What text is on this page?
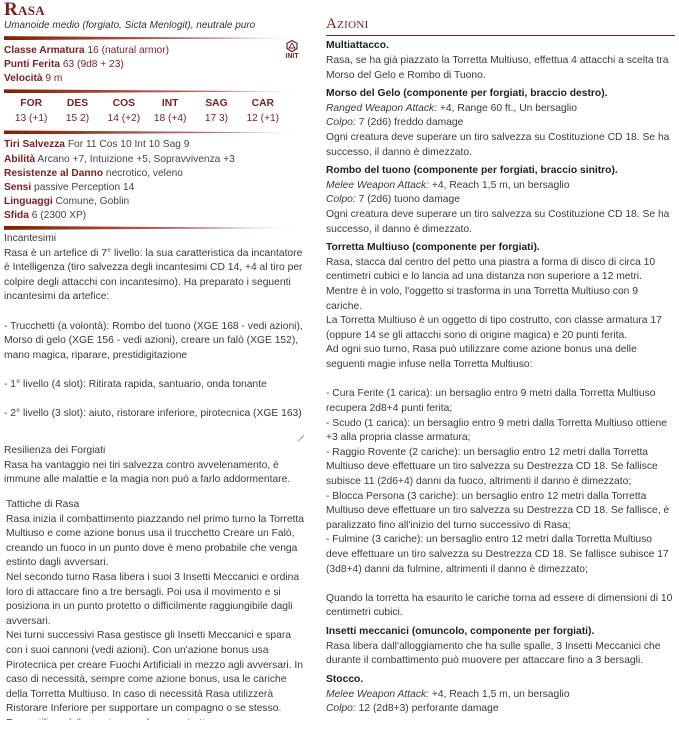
Rasa
Umanoide medio (forgiato, Sicta Menlogit), neutrale puro
Classe Armatura 16 (natural armor)
Punti Ferita 63 (9d8 + 23)
Velocità 9 m
FOR
13 (+1)
DES
15 2)
COS
14 (+2)
INT
18 (+4)
SAG
17 3)
CAR
12 (+1)
Tiri Salvezza For 11 Cos 10 Int 10 Sag 9
Abilità Arcano +7, Intuizione +5, Sopravvivenza +3
Resistenze al Danno necrotico, veleno
Sensi passive Perception 14
Linguaggi Comune, Goblin
Sfida 6 (2300 XP)
Incantesimi Rasa è un artefice di 7° livello: la sua caratteristica da incantatore è Intelligenza (tiro salvezza degli incantesimi CD 14, +4 al tiro per colpire degli attacchi con incantesimo). Ha preparato i seguenti incantesimi da artefice: - Trucchetti (a volontà): Rombo del tuono (XGE 168 - vedi azioni), Morso di gelo (XGE 156 - vedi azioni), creare un falò (XGE 152), mano magica, riparare, prestidigitazione - 1° livello (4 slot): Ritirata rapida, santuario, onda tonante - 2° livello (3 slot): aiuto, ristorare inferiore, pirotecnica (XGE 163)
Resilienza dei Forgiati Rasa ha vantaggio nei tiri salvezza contro avvelenamento, è immune alle malattie e la magia non può a farlo addormentare.
Tattiche di Rasa Rasa inizia il combattimento piazzando nel primo turno la Torretta Multiuso e come azione bonus usa il trucchetto Creare un Falò, creando un fuoco in un punto dove è meno probabile che venga estinto dagli avversari. Nel secondo turno Rasa libera i suoi 3 Insetti Meccanici e ordina loro di attaccare fino a tre bersagli. Poi usa il movimento e si posiziona in un punto protetto o difficilmente raggiungibile dagli avversari. Nei turni successivi Rasa gestisce gli Insetti Meccanici e spara con i suoi cannoni (vedi azioni). Con un'azione bonus usa Pirotecnica per creare Fuochi Artificiali in mezzo agli avversari. In caso di necessità, sempre come azione bonus, usa le cariche della Torretta Multiuso. In caso di necessità Rasa utilizzerà Ristorare Inferiore per supportare un compagno o se stesso. Rasa utilizzerà il suo stocco solo se costretto.
INIT
Azioni
Multiattacco.
Rasa, se ha già piazzato la Torretta Multiuso, effettua 4 attacchi a scelta tra Morso del Gelo e Rombo di Tuono.
Morso del Gelo (componente per forgiati, braccio destro).
Ranged Weapon Attack: +4, Range 60 ft., Un bersaglio
Colpo: 7 (2d6) freddo damage
Ogni creatura deve superare un tiro salvezza su Costituzione CD 18. Se ha successo, il danno è dimezzato.
Rombo del tuono (componente per forgiati, braccio sinitro).
Melee Weapon Attack: +4, Reach 1,5 m, un bersaglio
Colpo: 7 (2d6) tuono damage
Ogni creatura deve superare un tiro salvezza su Costituzione CD 18. Se ha successo, il danno è dimezzato.
Torretta Multiuso (componente per forgiati).
Rasa, stacca dal centro del petto una piastra a forma di disco di circa 10 centimetri cubici e lo lancia ad una distanza non superiore a 12 metri. Mentre è in volo, l'oggetto si trasforma in una Torretta Multiuso con 9 cariche.
La Torretta Multiuso è un oggetto di tipo costrutto, con classe armatura 17 (oppure 14 se gli attacchi sono di origine magica) e 20 punti ferita.
Ad ogni suo turno, Rasa può utilizzare come azione bonus una delle seguenti magie infuse nella Torretta Multiuso:

- Cura Ferite (1 carica): un bersaglio entro 9 metri dalla Torretta Multiuso recupera 2d8+4 punti ferita;
- Scudo (1 carica): un bersaglio entro 9 metri dalla Torretta Multiuso ottiene +3 alla propria classe armatura;
- Raggio Rovente (2 cariche): un bersaglio entro 12 metri dalla Torretta Multiuso deve effettuare un tiro salvezza su Destrezza CD 18. Se fallisce subisce 11 (2d6+4) danni da fuoco, altrimenti il danno è dimezzato;
- Blocca Persona (3 cariche): un bersaglio entro 12 metri dalla Torretta Multiuso deve effettuare un tiro salvezza su Destrezza CD 18. Se fallisce, è paralizzato fino all'inizio del turno successivo di Rasa;
- Fulmine (3 cariche): un bersaglio entro 12 metri dalla Torretta Multiuso deve effettuare un tiro salvezza su Destrezza CD 18. Se fallisce subisce 17 (3d8+4) danni da fulmine, altrimenti il danno è dimezzato;

Quando la torretta ha esaurito le cariche torna ad essere di dimensioni di 10 centimetri cubici.
Insetti meccanici (omuncolo, componente per forgiati).
Rasa libera dall'alloggiamento che ha sulle spalle, 3 Insetti Meccanici che durante il combattimento può muovere per attaccare fino a 3 bersagli.
Stocco.
Melee Weapon Attack: +4, Reach 1,5 m, un bersaglio
Colpo: 12 (2d8+3) perforante damage
